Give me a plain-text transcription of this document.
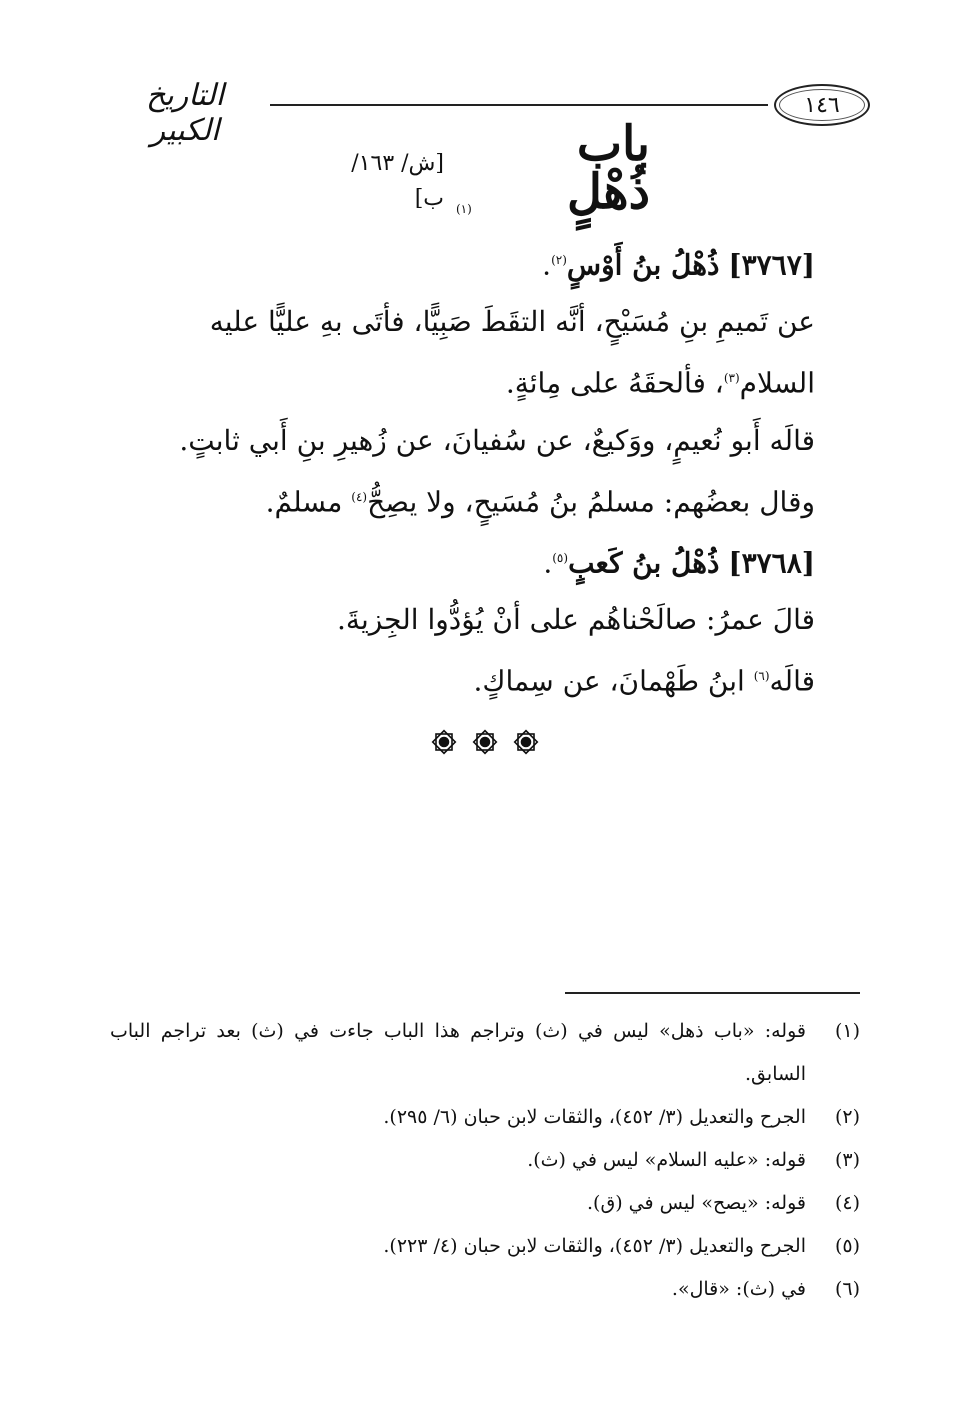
١٤٦
التاريخ الكبير	باب ذُهْلٍ
(١)
[ش/ ١٦٣/ ب]

[٣٧٦٧] ذُهْلُ بنُ أَوْسٍ$^{(٢)}$.

عن تَميمِ بنِ مُسَيْحٍ، أنَّه التقَطَ صَبِيًّا، فأتَى بهِ عليًّا عليه السلام$^{(٣)}$، فألحقَهُ على مِائةٍ.

قالَه أَبو نُعيمٍ، ووَكيعٌ، عن سُفيانَ، عن زُهيرِ بنِ أَبي ثابتٍ.

وقال بعضُهم: مسلمُ بنُ مُسَيحٍ، ولا يصِحُّ$^{(٤)}$ مسلمٌ.

[٣٧٦٨] ذُهْلُ بنُ كَعبٍ$^{(٥)}$.

قالَ عمرُ: صالَحْناهُم على أنْ يُؤدُّوا الجِزيةَ.

قالَه$^{(٦)}$ ابنُ طَهْمانَ، عن سِماكٍ.

(١)
قوله: «باب ذهل» ليس في (ث) وتراجم هذا الباب جاءت في (ث) بعد تراجم الباب السابق.
(٢)
الجرح والتعديل (٣/ ٤٥٢)، والثقات لابن حبان (٦/ ٢٩٥).
(٣)
قوله: «عليه السلام» ليس في (ث).
(٤)
قوله: «يصح» ليس في (ق).
(٥)
الجرح والتعديل (٣/ ٤٥٢)، والثقات لابن حبان (٤/ ٢٢٣).
(٦)
في (ث): «قال».
